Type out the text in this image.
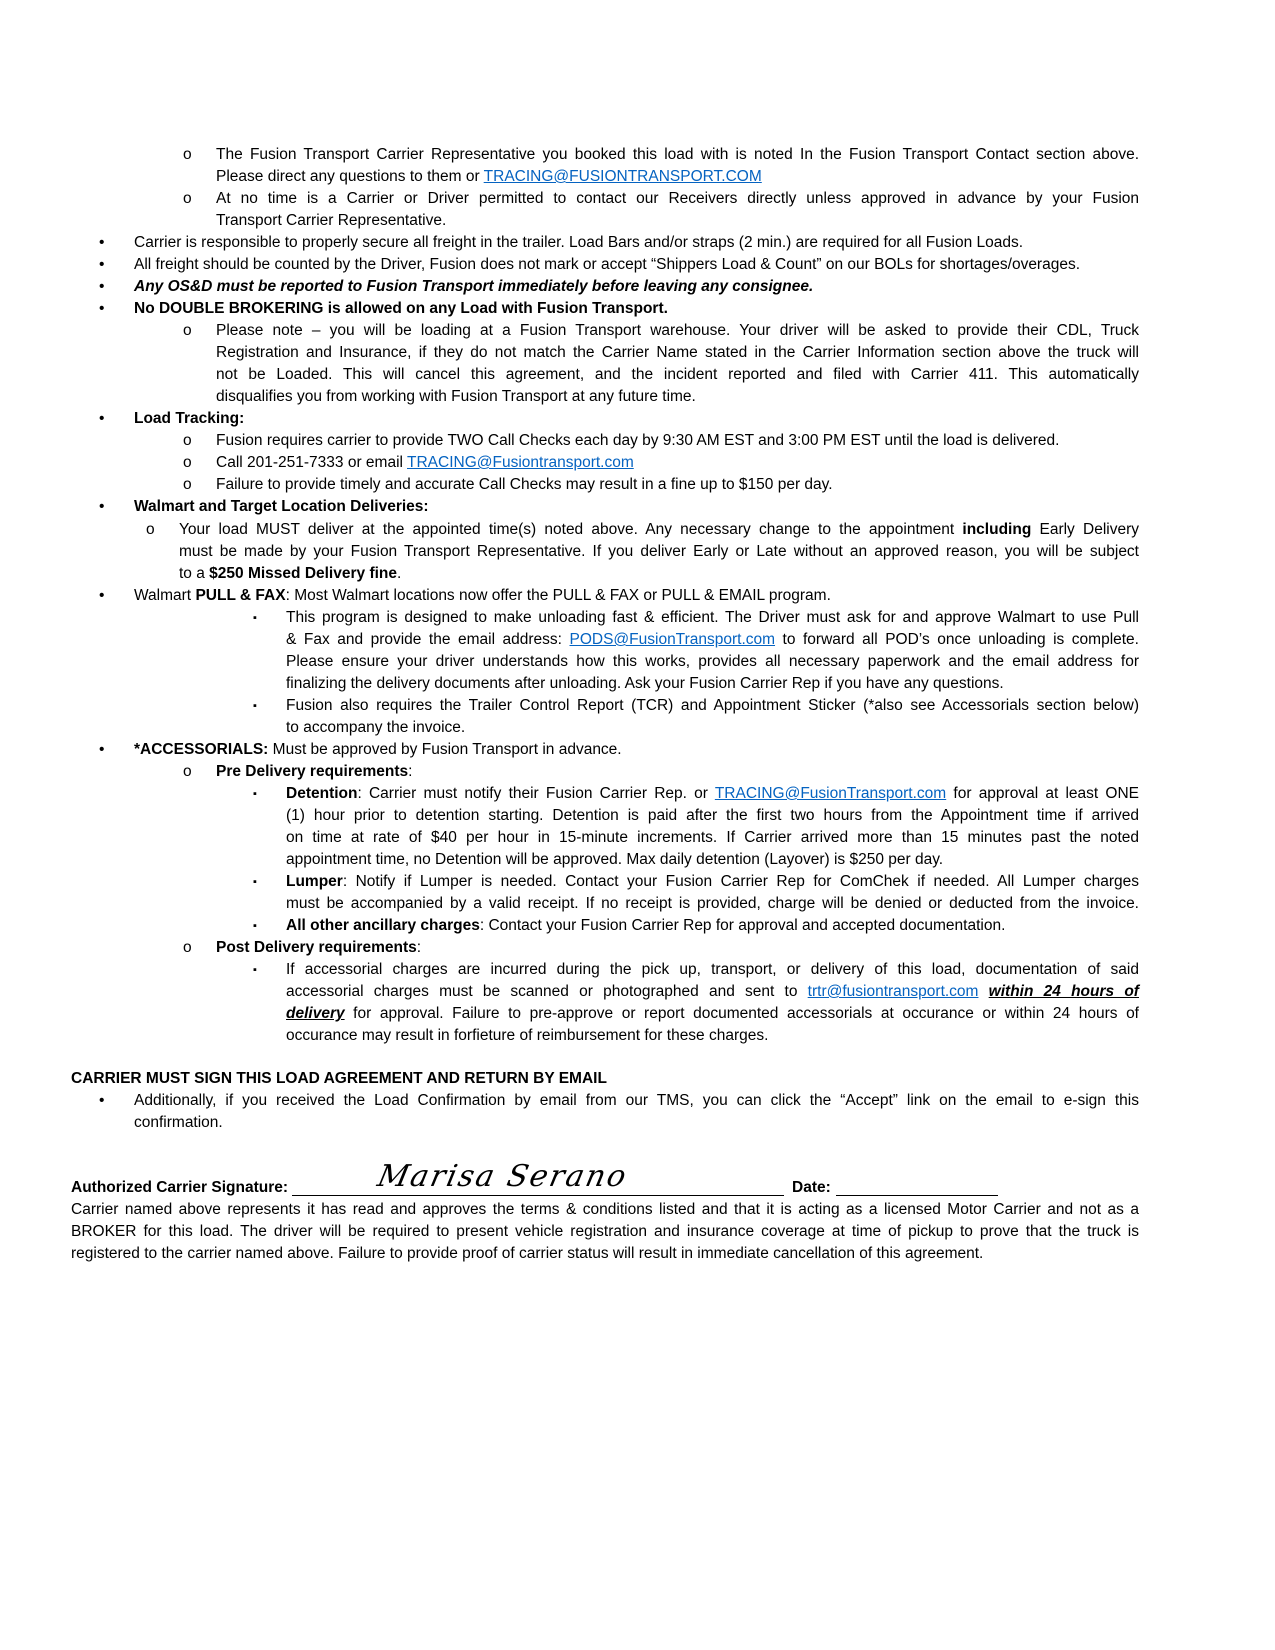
o The Fusion Transport Carrier Representative you booked this load with is noted In the Fusion Transport Contact section above.
Please direct any questions to them or TRACING@FUSIONTRANSPORT.COM
o At no time is a Carrier or Driver permitted to contact our Receivers directly unless approved in advance by your Fusion
Transport Carrier Representative.
• Carrier is responsible to properly secure all freight in the trailer. Load Bars and/or straps (2 min.) are required for all Fusion Loads.
• All freight should be counted by the Driver, Fusion does not mark or accept “Shippers Load & Count” on our BOLs for shortages/overages.
• Any OS&D must be reported to Fusion Transport immediately before leaving any consignee.
• No DOUBLE BROKERING is allowed on any Load with Fusion Transport.
o Please note – you will be loading at a Fusion Transport warehouse. Your driver will be asked to provide their CDL, Truck
Registration and Insurance, if they do not match the Carrier Name stated in the Carrier Information section above the truck will
not be Loaded. This will cancel this agreement, and the incident reported and filed with Carrier 411. This automatically
disqualifies you from working with Fusion Transport at any future time.
• Load Tracking:
o Fusion requires carrier to provide TWO Call Checks each day by 9:30 AM EST and 3:00 PM EST until the load is delivered.
o Call 201-251-7333 or email TRACING@Fusiontransport.com
o Failure to provide timely and accurate Call Checks may result in a fine up to $150 per day.
• Walmart and Target Location Deliveries:
o Your load MUST deliver at the appointed time(s) noted above. Any necessary change to the appointment including Early Delivery
must be made by your Fusion Transport Representative. If you deliver Early or Late without an approved reason, you will be subject
to a $250 Missed Delivery fine.
• Walmart PULL & FAX: Most Walmart locations now offer the PULL & FAX or PULL & EMAIL program.
▪ This program is designed to make unloading fast & efficient. The Driver must ask for and approve Walmart to use Pull
& Fax and provide the email address: PODS@FusionTransport.com to forward all POD’s once unloading is complete.
Please ensure your driver understands how this works, provides all necessary paperwork and the email address for
finalizing the delivery documents after unloading. Ask your Fusion Carrier Rep if you have any questions.
▪ Fusion also requires the Trailer Control Report (TCR) and Appointment Sticker (*also see Accessorials section below)
to accompany the invoice.
• *ACCESSORIALS: Must be approved by Fusion Transport in advance.
o Pre Delivery requirements:
▪ Detention: Carrier must notify their Fusion Carrier Rep. or TRACING@FusionTransport.com for approval at least ONE
(1) hour prior to detention starting. Detention is paid after the first two hours from the Appointment time if arrived
on time at rate of $40 per hour in 15-minute increments. If Carrier arrived more than 15 minutes past the noted
appointment time, no Detention will be approved. Max daily detention (Layover) is $250 per day.
▪ Lumper: Notify if Lumper is needed. Contact your Fusion Carrier Rep for ComChek if needed. All Lumper charges
must be accompanied by a valid receipt. If no receipt is provided, charge will be denied or deducted from the invoice.
▪ All other ancillary charges: Contact your Fusion Carrier Rep for approval and accepted documentation.
o Post Delivery requirements:
▪ If accessorial charges are incurred during the pick up, transport, or delivery of this load, documentation of said
accessorial charges must be scanned or photographed and sent to trtr@fusiontransport.com within 24 hours of
delivery for approval. Failure to pre-approve or report documented accessorials at occurance or within 24 hours of
occurance may result in forfieture of reimbursement for these charges.
CARRIER MUST SIGN THIS LOAD AGREEMENT AND RETURN BY EMAIL
• Additionally, if you received the Load Confirmation by email from our TMS, you can click the “Accept” link on the email to e-sign this
confirmation.
Authorized Carrier Signature:	Marisa Serano	Date:
Carrier named above represents it has read and approves the terms & conditions listed and that it is acting as a licensed Motor Carrier and not as a
BROKER for this load. The driver will be required to present vehicle registration and insurance coverage at time of pickup to prove that the truck is
registered to the carrier named above. Failure to provide proof of carrier status will result in immediate cancellation of this agreement.
